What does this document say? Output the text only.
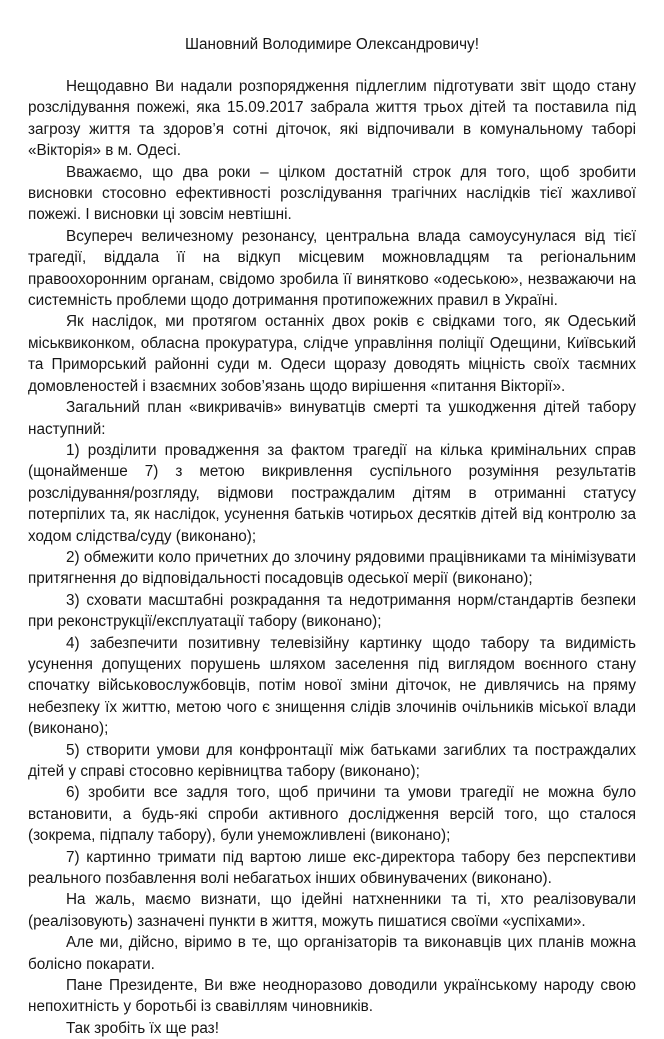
Шановний Володимире Олександровичу!

Нещодавно Ви надали розпорядження підлеглим підготувати звіт щодо стану розслідування пожежі, яка 15.09.2017 забрала життя трьох дітей та поставила під загрозу життя та здоров’я сотні діточок, які відпочивали в комунальному таборі «Вікторія» в м. Одесі.

Вважаємо, що два роки – цілком достатній строк для того, щоб зробити висновки стосовно ефективності розслідування трагічних наслідків тієї жахливої пожежі. І висновки ці зовсім невтішні.

Всупереч величезному резонансу, центральна влада самоусунулася від тієї трагедії, віддала її на відкуп місцевим можновладцям та регіональним правоохоронним органам, свідомо зробила її винятково «одеською», незважаючи на системність проблеми щодо дотримання протипожежних правил в Україні.

Як наслідок, ми протягом останніх двох років є свідками того, як Одеський міськвиконком, обласна прокуратура, слідче управління поліції Одещини, Київський та Приморський районні суди м. Одеси щоразу доводять міцність своїх таємних домовленостей і взаємних зобов’язань щодо вирішення «питання Вікторії».

Загальний план «викривачів» винуватців смерті та ушкодження дітей табору наступний:

1) розділити провадження за фактом трагедії на кілька кримінальних справ (щонайменше 7) з метою викривлення суспільного розуміння результатів розслідування/розгляду, відмови постраждалим дітям в отриманні статусу потерпілих та, як наслідок, усунення батьків чотирьох десятків дітей від контролю за ходом слідства/суду (виконано);

2) обмежити коло причетних до злочину рядовими працівниками та мінімізувати притягнення до відповідальності посадовців одеської мерії (виконано);

3) сховати масштабні розкрадання та недотримання норм/стандартів безпеки при реконструкції/експлуатації табору (виконано);

4) забезпечити позитивну телевізійну картинку щодо табору та видимість усунення допущених порушень шляхом заселення під виглядом воєнного стану спочатку військовослужбовців, потім нової зміни діточок, не дивлячись на пряму небезпеку їх життю, метою чого є знищення слідів злочинів очільників міської влади (виконано);

5) створити умови для конфронтації між батьками загиблих та постраждалих дітей у справі стосовно керівництва табору (виконано);

6) зробити все задля того, щоб причини та умови трагедії не можна було встановити, а будь-які спроби активного дослідження версій того, що сталося (зокрема, підпалу табору), були унеможливлені (виконано);

7) картинно тримати під вартою лише екс-директора табору без перспективи реального позбавлення волі небагатьох інших обвинувачених (виконано).

На жаль, маємо визнати, що ідейні натхненники та ті, хто реалізовували (реалізовують) зазначені пункти в життя, можуть пишатися своїми «успіхами».

Але ми, дійсно, віримо в те, що організаторів та виконавців цих планів можна болісно покарати.

Пане Президенте, Ви вже неодноразово доводили українському народу свою непохитність у боротьбі із свавіллям чиновників.

Так зробіть їх ще раз!
